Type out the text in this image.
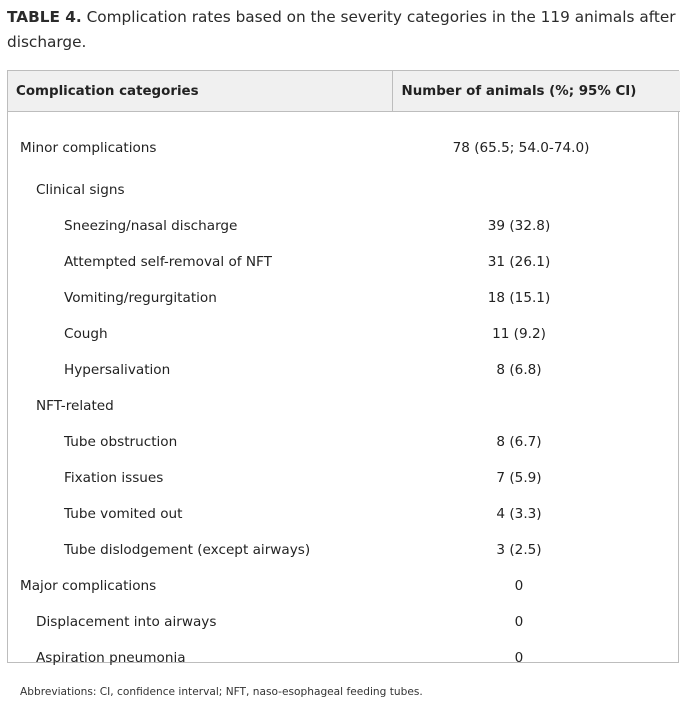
TABLE 4. Complication rates based on the severity categories in the 119 animals after discharge.
Complication categories	Number of animals (%; 95% CI)
Minor complications	78 (65.5; 54.0-74.0)
Clinical signs	
Sneezing/nasal discharge	39 (32.8)
Attempted self-removal of NFT	31 (26.1)
Vomiting/regurgitation	18 (15.1)
Cough	11 (9.2)
Hypersalivation	8 (6.8)
NFT-related	
Tube obstruction	8 (6.7)
Fixation issues	7 (5.9)
Tube vomited out	4 (3.3)
Tube dislodgement (except airways)	3 (2.5)
Major complications	0
Displacement into airways	0
Aspiration pneumonia	0
Abbreviations: CI, confidence interval; NFT, naso-esophageal feeding tubes.
